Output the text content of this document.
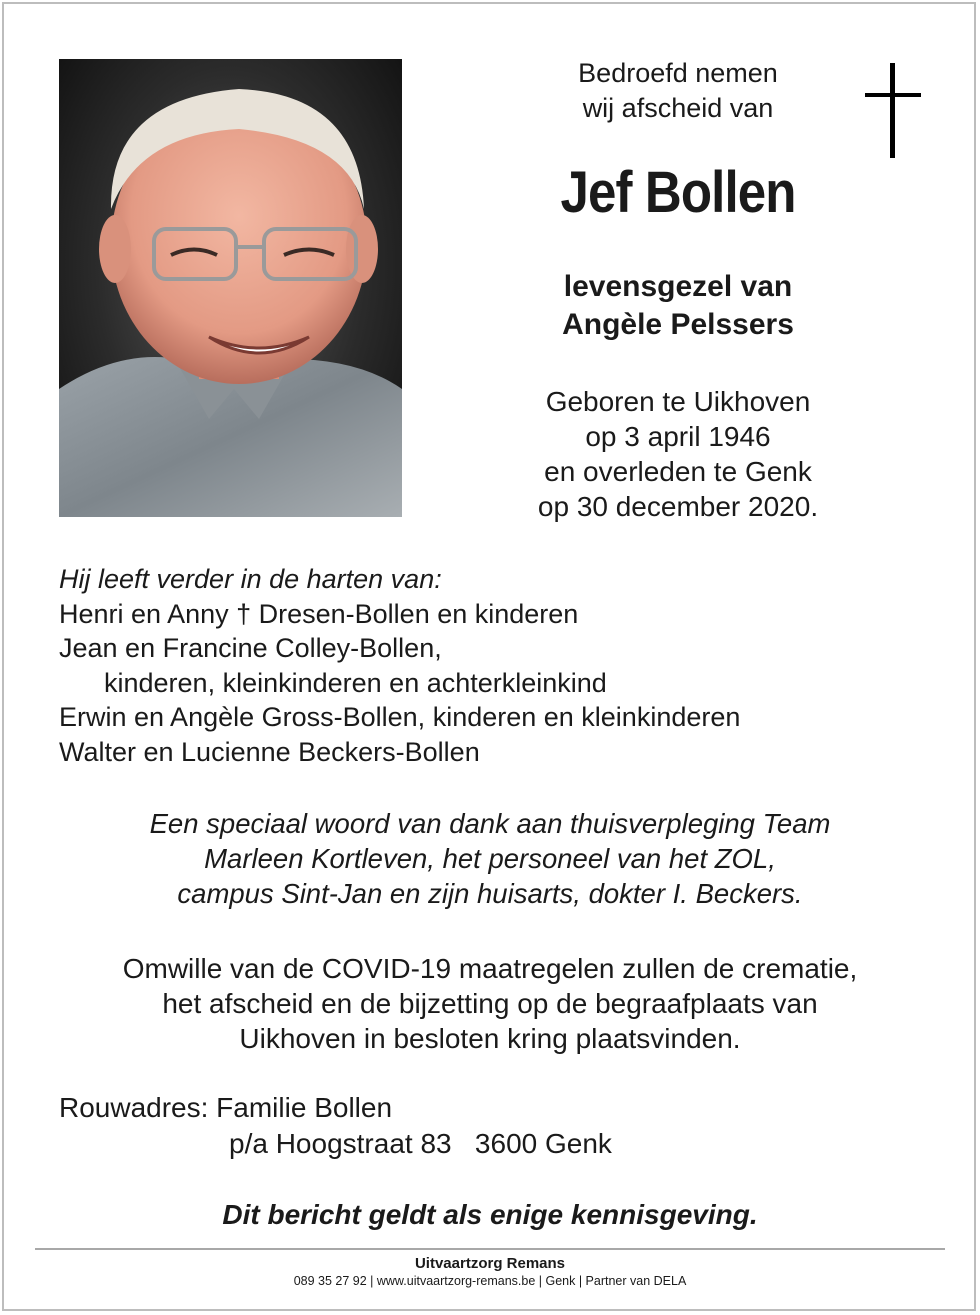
Bedroefd nemen
wij afscheid van
Jef Bollen
levensgezel van
Angèle Pelssers
Geboren te Uikhoven
op 3 april 1946
en overleden te Genk
op 30 december 2020.
Hij leeft verder in de harten van:
Henri en Anny † Dresen-Bollen en kinderen
Jean en Francine Colley-Bollen,
kinderen, kleinkinderen en achterkleinkind
Erwin en Angèle Gross-Bollen, kinderen en kleinkinderen
Walter en Lucienne Beckers-Bollen
Een speciaal woord van dank aan thuisverpleging Team
Marleen Kortleven, het personeel van het ZOL,
campus Sint-Jan en zijn huisarts, dokter I. Beckers.
Omwille van de COVID-19 maatregelen zullen de crematie,
het afscheid en de bijzetting op de begraafplaats van
Uikhoven in besloten kring plaatsvinden.
Rouwadres: Familie Bollen
p/a Hoogstraat 83   3600 Genk
Dit bericht geldt als enige kennisgeving.
Uitvaartzorg Remans
089 35 27 92 | www.uitvaartzorg-remans.be | Genk | Partner van DELA
